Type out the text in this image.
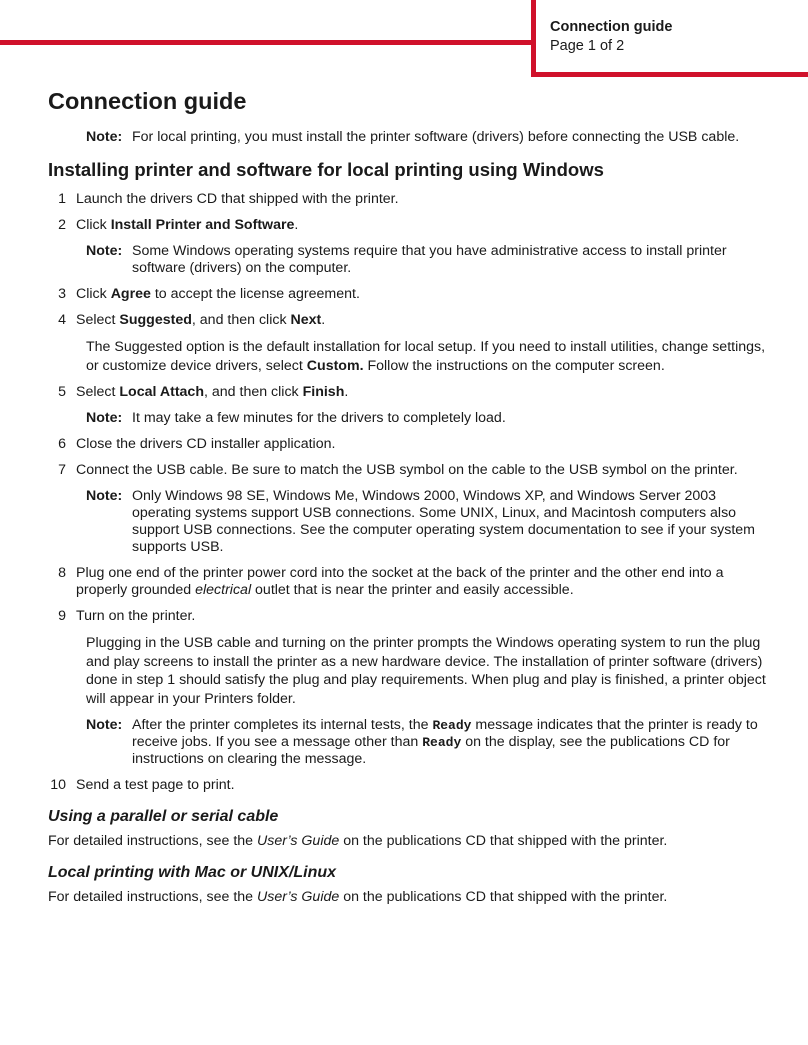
Connection guide
Page 1 of 2
Connection guide
Note: For local printing, you must install the printer software (drivers) before connecting the USB cable.
Installing printer and software for local printing using Windows
1 Launch the drivers CD that shipped with the printer.
2 Click Install Printer and Software.
Note: Some Windows operating systems require that you have administrative access to install printer software (drivers) on the computer.
3 Click Agree to accept the license agreement.
4 Select Suggested, and then click Next.
The Suggested option is the default installation for local setup. If you need to install utilities, change settings, or customize device drivers, select Custom. Follow the instructions on the computer screen.
5 Select Local Attach, and then click Finish.
Note: It may take a few minutes for the drivers to completely load.
6 Close the drivers CD installer application.
7 Connect the USB cable. Be sure to match the USB symbol on the cable to the USB symbol on the printer.
Note: Only Windows 98 SE, Windows Me, Windows 2000, Windows XP, and Windows Server 2003 operating systems support USB connections. Some UNIX, Linux, and Macintosh computers also support USB connections. See the computer operating system documentation to see if your system supports USB.
8 Plug one end of the printer power cord into the socket at the back of the printer and the other end into a properly grounded electrical outlet that is near the printer and easily accessible.
9 Turn on the printer.
Plugging in the USB cable and turning on the printer prompts the Windows operating system to run the plug and play screens to install the printer as a new hardware device. The installation of printer software (drivers) done in step 1 should satisfy the plug and play requirements. When plug and play is finished, a printer object will appear in your Printers folder.
Note: After the printer completes its internal tests, the Ready message indicates that the printer is ready to receive jobs. If you see a message other than Ready on the display, see the publications CD for instructions on clearing the message.
10 Send a test page to print.
Using a parallel or serial cable
For detailed instructions, see the User’s Guide on the publications CD that shipped with the printer.
Local printing with Mac or UNIX/Linux
For detailed instructions, see the User’s Guide on the publications CD that shipped with the printer.
